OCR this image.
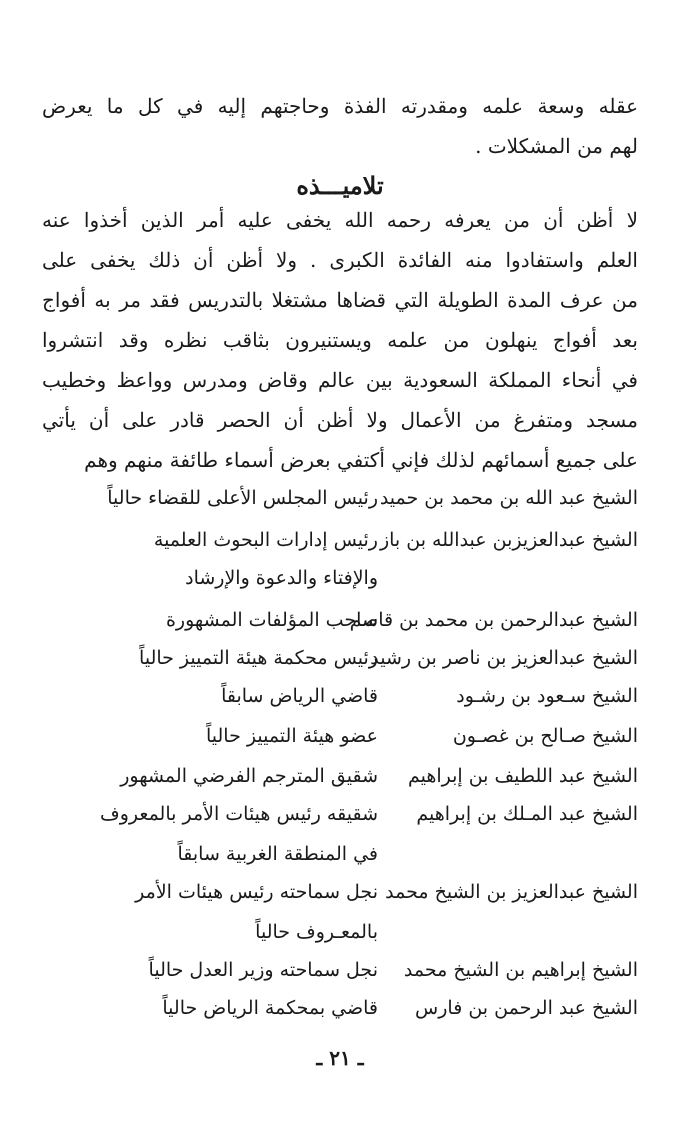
عقله وسعة علمه ومقدرته الفذة وحاجتهم إليه في كل ما يعرض
لهم من المشكلات .
تلاميـــذه
لا أظن أن من يعرفه رحمه الله يخفى عليه أمر الذين أخذوا عنه
العلم واستفادوا منه الفائدة الكبرى . ولا أظن أن ذلك يخفى على
من عرف المدة الطويلة التي قضاها مشتغلا بالتدريس فقد مر به أفواج
بعد أفواج ينهلون من علمه ويستنيرون بثاقب نظره وقد انتشروا
في أنحاء المملكة السعودية بين عالم وقاض ومدرس وواعظ وخطيب
مسجد ومتفرغ من الأعمال ولا أظن أن الحصر قادر على أن يأتي
على جميع أسمائهم لذلك فإني أكتفي بعرض أسماء طائفة منهم وهم
الشيخ عبد الله بن محمد بن حميد
رئيس المجلس الأعلى للقضاء حالياً
الشيخ عبدالعزيزبن عبدالله بن باز
رئيس إدارات البحوث العلمية
والإفتاء والدعوة والإرشاد
الشيخ عبدالرحمن بن محمد بن قاسم
صاحب المؤلفات المشهورة
الشيخ عبدالعزيز بن ناصر بن رشيد
رئيس محكمة هيئة التمييز حالياً
الشيخ سـعود بن رشـود
قاضي الرياض سابقاً
الشيخ صـالح بن غصـون
عضو هيئة التمييز حالياً
الشيخ عبد اللطيف بن إبراهيم
شقيق المترجم الفرضي المشهور
الشيخ عبد المـلك بن إبراهيم
شقيقه رئيس هيئات الأمر بالمعروف
في المنطقة الغربية سابقاً
الشيخ عبدالعزيز بن الشيخ محمد
نجل سماحته رئيس هيئات الأمر
بالمعـروف حالياً
الشيخ إبراهيم بن الشيخ محمد
نجل سماحته وزير العدل حالياً
الشيخ عبد الرحمن بن فارس
قاضي بمحكمة الرياض حالياً
ـ ٢١ ـ
